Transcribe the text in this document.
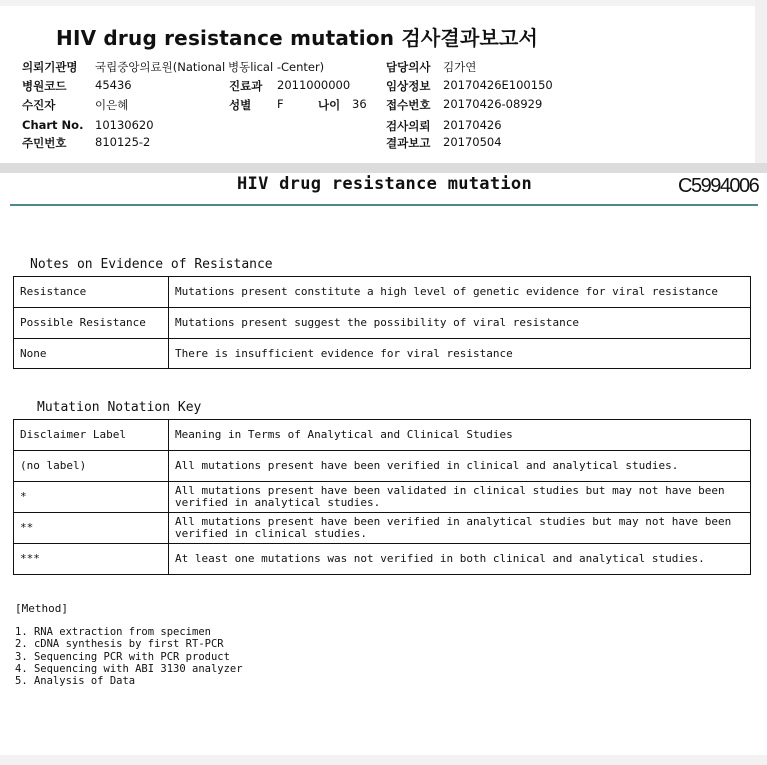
HIV drug resistance mutation 검사결과보고서
의뢰기관명 국립중앙의료원(National 병동lical -Center)
병원코드 45436
수진자	이은혜
Chart No. 10130620
주민번호 810125-2
진료과 2011000000
성별 F	나이 36
담당의사 김가연
임상정보 20170426E100150
접수번호 20170426-08929
검사의뢰 20170426
결과보고 20170504
HIV drug resistance mutation	C5994006
Notes on Evidence of Resistance
Resistance	Mutations present constitute a high level of genetic evidence for viral resistance
Possible Resistance	Mutations present suggest the possibility of viral resistance
None	There is insufficient evidence for viral resistance
Mutation Notation Key
Disclaimer Label	Meaning in Terms of Analytical and Clinical Studies
(no label)	All mutations present have been verified in clinical and analytical studies.
*	All mutations present have been validated in clinical studies but may not have been verified in analytical studies.
**	All mutations present have been verified in analytical studies but may not have been verified in clinical studies.
***	At least one mutations was not verified in both clinical and analytical studies.
[Method]
1. RNA extraction from specimen
2. cDNA synthesis by first RT-PCR
3. Sequencing PCR with PCR product
4. Sequencing with ABI 3130 analyzer
5. Analysis of Data
